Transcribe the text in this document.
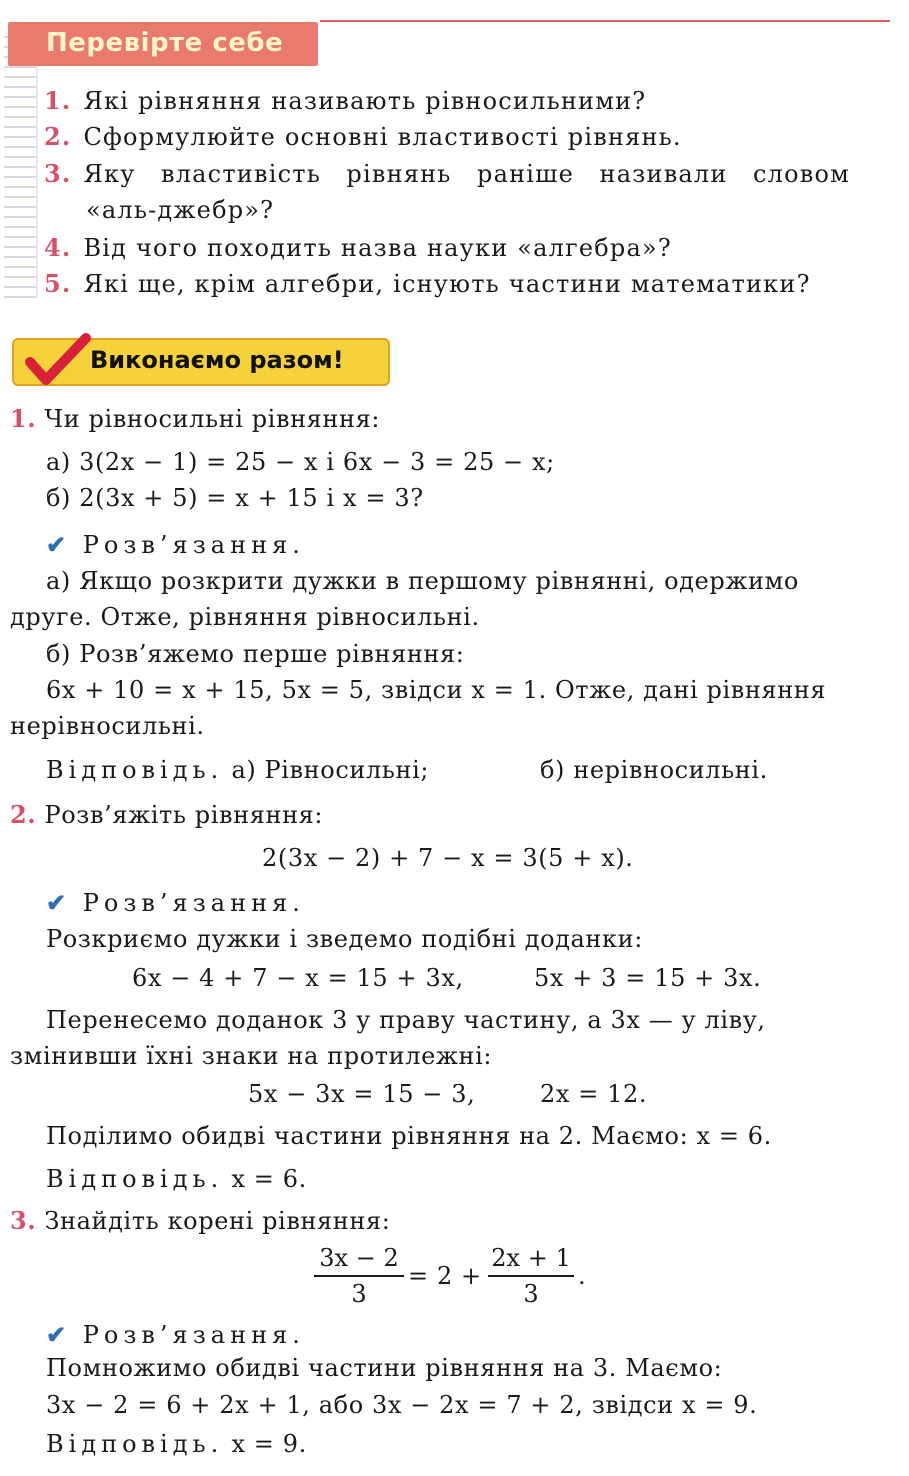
Перевірте себе
1. Які рівняння називають рівносильними?
2. Сформулюйте основні властивості рівнянь.
3. Яку властивість рівнянь раніше називали словом
«аль-джебр»?
4. Від чого походить назва науки «алгебра»?
5. Які ще, крім алгебри, існують частини математики?
Виконаємо разом!
1. Чи рівносильні рівняння:
а) 3(2x − 1) = 25 − x і 6x − 3 = 25 − x;
б) 2(3x + 5) = x + 15 і x = 3?
✔ Розв’язання.
а) Якщо розкрити дужки в першому рівнянні, одержимо
друге. Отже, рівняння рівносильні.
б) Розв’яжемо перше рівняння:
6x + 10 = x + 15, 5x = 5, звідси x = 1. Отже, дані рівняння
нерівносильні.
Відповідь. а) Рівносильні;	б) нерівносильні.
2. Розв’яжіть рівняння:
2(3x − 2) + 7 − x = 3(5 + x).
✔ Розв’язання.
Розкриємо дужки і зведемо подібні доданки:
6x − 4 + 7 − x = 15 + 3x,	5x + 3 = 15 + 3x.
Перенесемо доданок 3 у праву частину, а 3x — у ліву,
змінивши їхні знаки на протилежні:
5x − 3x = 15 − 3,	2x = 12.
Поділимо обидві частини рівняння на 2. Маємо: x = 6.
Відповідь. x = 6.
3. Знайдіть корені рівняння:
3x − 2
3
= 2 +
2x + 1
3
.
✔ Розв’язання.
Помножимо обидві частини рівняння на 3. Маємо:
3x − 2 = 6 + 2x + 1, або 3x − 2x = 7 + 2, звідси x = 9.
Відповідь. x = 9.
